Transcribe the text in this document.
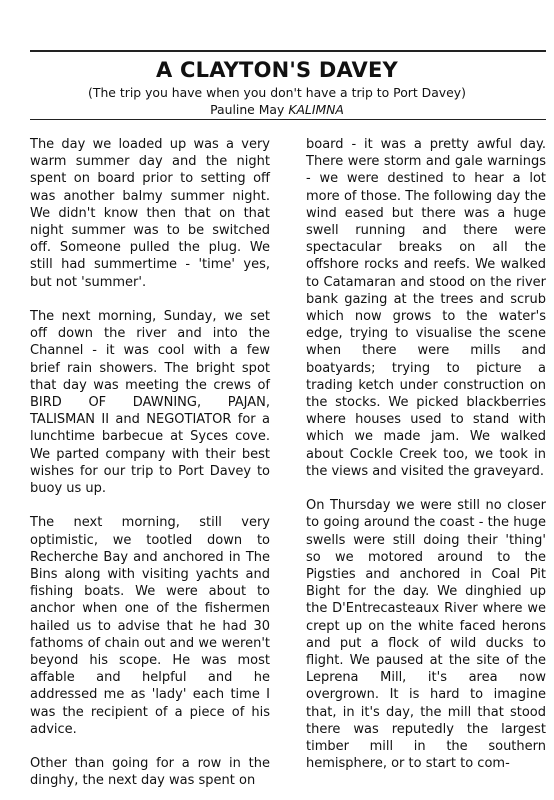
A CLAYTON'S DAVEY
(The trip you have when you don't have a trip to Port Davey)
Pauline May KALIMNA

The day we loaded up was a very warm summer day and the night spent on board prior to setting off was another balmy summer night. We didn't know then that on that night summer was to be switched off. Someone pulled the plug. We still had summertime - 'time' yes, but not 'summer'.

The next morning, Sunday, we set off down the river and into the Channel - it was cool with a few brief rain showers. The bright spot that day was meeting the crews of BIRD OF DAWNING, PAJAN, TALISMAN II and NEGOTIATOR for a lunchtime barbecue at Syces cove. We parted company with their best wishes for our trip to Port Davey to buoy us up.

The next morning, still very optimistic, we tootled down to Recherche Bay and anchored in The Bins along with visiting yachts and fishing boats. We were about to anchor when one of the fishermen hailed us to advise that he had 30 fathoms of chain out and we weren't beyond his scope. He was most affable and helpful and he addressed me as 'lady' each time I was the recipient of a piece of his advice.

Other than going for a row in the dinghy, the next day was spent on

board - it was a pretty awful day. There were storm and gale warnings - we were destined to hear a lot more of those. The following day the wind eased but there was a huge swell running and there were spectacular breaks on all the offshore rocks and reefs. We walked to Catamaran and stood on the river bank gazing at the trees and scrub which now grows to the water's edge, trying to visualise the scene when there were mills and boatyards; trying to picture a trading ketch under construction on the stocks. We picked blackberries where houses used to stand with which we made jam. We walked about Cockle Creek too, we took in the views and visited the graveyard.

On Thursday we were still no closer to going around the coast - the huge swells were still doing their 'thing' so we motored around to the Pigsties and anchored in Coal Pit Bight for the day. We dinghied up the D'Entrecasteaux River where we crept up on the white faced herons and put a flock of wild ducks to flight. We paused at the site of the Leprena Mill, it's area now overgrown. It is hard to imagine that, in it's day, the mill that stood there was reputedly the largest timber mill in the southern hemisphere, or to start to com-
